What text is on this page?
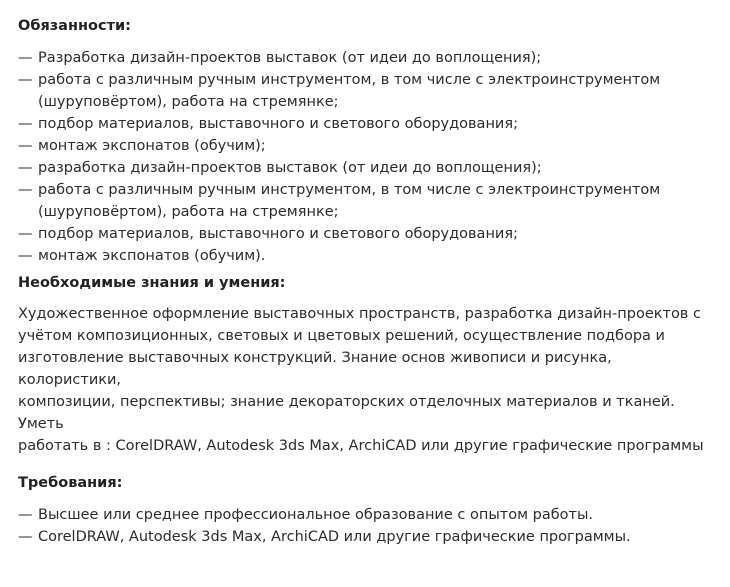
Обязанности:
— Разработка дизайн-проектов выставок (от идеи до воплощения);
— работа с различным ручным инструментом, в том числе с электроинструментом
(шуруповёртом), работа на стремянке;
— подбор материалов, выставочного и светового оборудования;
— монтаж экспонатов (обучим);
— разработка дизайн-проектов выставок (от идеи до воплощения);
— работа с различным ручным инструментом, в том числе с электроинструментом
(шуруповёртом), работа на стремянке;
— подбор материалов, выставочного и светового оборудования;
— монтаж экспонатов (обучим).
Необходимые знания и умения:

Художественное оформление выставочных пространств, разработка дизайн-проектов с
учётом композиционных, световых и цветовых решений, осуществление подбора и
изготовление выставочных конструкций. Знание основ живописи и рисунка, колористики,
композиции, перспективы; знание декораторских отделочных материалов и тканей. Уметь
работать в : CorelDRAW, Autodesk 3ds Max, ArchiCAD или другие графические программы

Требования:
— Высшее или среднее профессиональное образование с опытом работы.
— CorelDRAW, Autodesk 3ds Max, ArchiCAD или другие графические программы.
